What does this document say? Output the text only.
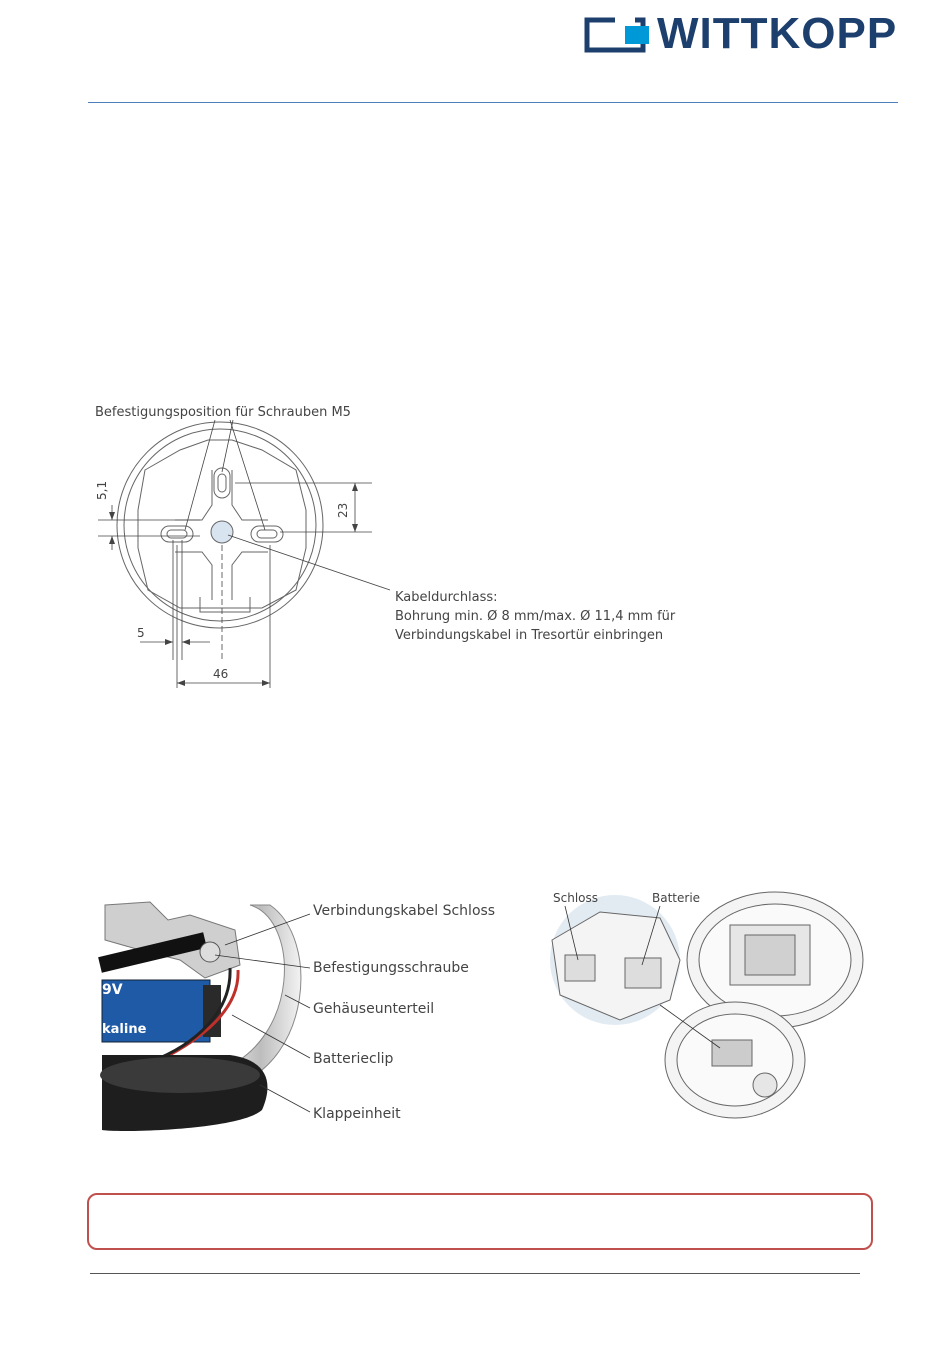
WITTKOPP
Befestigungsposition für Schrauben M5
5,1
23
5
46
Kabeldurchlass:
Bohrung min. Ø 8 mm/max. Ø 11,4 mm für
Verbindungskabel in Tresortür einbringen
9V
kaline
Verbindungskabel Schloss
Befestigungsschraube
Gehäuseunterteil
Batterieclip
Klappeinheit
Schloss	Batterie
